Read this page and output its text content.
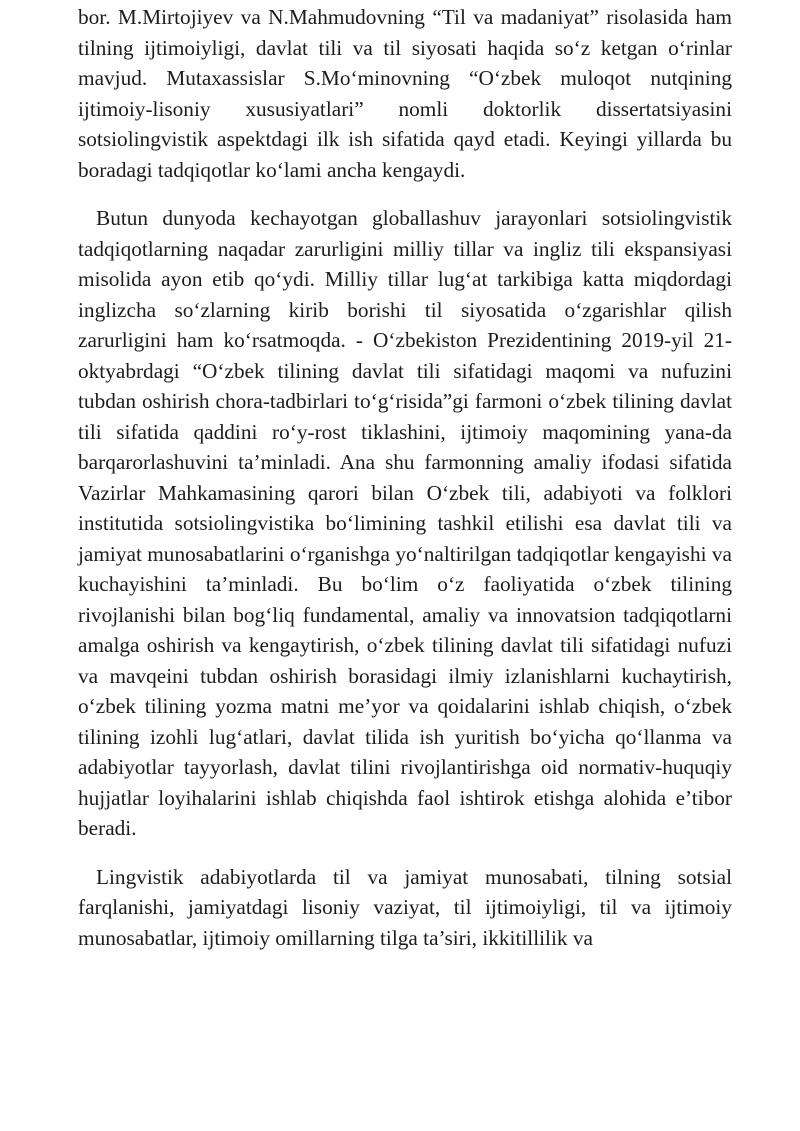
bor. M.Mirtojiyev va N.Mahmudovning “Til va madaniyat” risolasida ham tilning ijtimoiyligi, davlat tili va til siyosati haqida so‘z ketgan o‘rinlar mavjud. Mutaxassislar S.Mo‘minovning “O‘zbek muloqot nutqining ijtimoiy-lisoniy xususiyatlari” nomli doktorlik dissertatsiyasini sotsiolingvistik aspektdagi ilk ish sifatida qayd etadi. Keyingi yillarda bu boradagi tadqiqotlar ko‘lami ancha kengaydi.

Butun dunyoda kechayotgan globallashuv jarayonlari sotsiolingvistik tadqiqotlarning naqadar zarurligini milliy tillar va ingliz tili ekspansiyasi misolida ayon etib qo‘ydi. Milliy tillar lug‘at tarkibiga katta miqdordagi inglizcha so‘zlarning kirib borishi til siyosatida o‘zgarishlar qilish zarurligini ham ko‘rsatmoqda. - O‘zbekiston Prezidentining 2019-yil 21-oktyabrdagi “O‘zbek tilining davlat tili sifatidagi maqomi va nufuzini tubdan oshirish chora-tadbirlari to‘g‘risida”gi farmoni o‘zbek tilining davlat tili sifatida qaddini ro‘y-rost tiklashini, ijtimoiy maqomining yana-da barqarorlashuvini ta’minladi. Ana shu farmonning amaliy ifodasi sifatida Vazirlar Mahkamasining qarori bilan O‘zbek tili, adabiyoti va folklori institutida sotsiolingvistika bo‘limining tashkil etilishi esa davlat tili va jamiyat munosabatlarini o‘rganishga yo‘naltirilgan tadqiqotlar kengayishi va kuchayishini ta’minladi. Bu bo‘lim o‘z faoliyatida o‘zbek tilining rivojlanishi bilan bog‘liq fundamental, amaliy va innovatsion tadqiqotlarni amalga oshirish va kengaytirish, o‘zbek tilining davlat tili sifatidagi nufuzi va mavqeini tubdan oshirish borasidagi ilmiy izlanishlarni kuchaytirish, o‘zbek tilining yozma matni me’yor va qoidalarini ishlab chiqish, o‘zbek tilining izohli lug‘atlari, davlat tilida ish yuritish bo‘yicha qo‘llanma va adabiyotlar tayyorlash, davlat tilini rivojlantirishga oid normativ-huquqiy hujjatlar loyihalarini ishlab chiqishda faol ishtirok etishga alohida e’tibor beradi.

Lingvistik adabiyotlarda til va jamiyat munosabati, tilning sotsial farqlanishi, jamiyatdagi lisoniy vaziyat, til ijtimoiyligi, til va ijtimoiy munosabatlar, ijtimoiy omillarning tilga ta’siri, ikkitillilik va
